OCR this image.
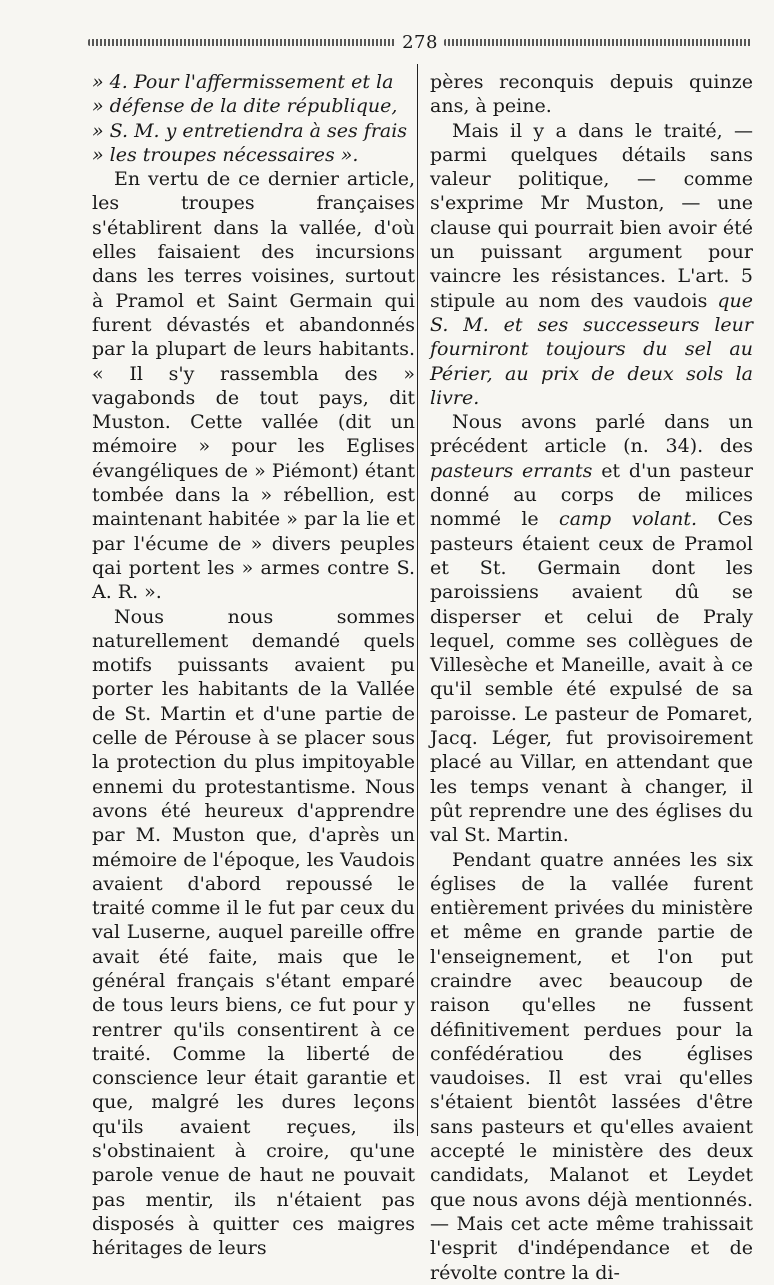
278

» 4. Pour l'affermissement et la
» défense de la dite république,
» S. M. y entretiendra à ses frais
» les troupes nécessaires ».

En vertu de ce dernier article, les troupes françaises s'établirent dans la vallée, d'où elles faisaient des incursions dans les terres voisines, surtout à Pramol et Saint Germain qui furent dévastés et abandonnés par la plupart de leurs habitants. « Il s'y rassembla des » vagabonds de tout pays, dit Muston. Cette vallée (dit un mémoire » pour les Eglises évangéliques de » Piémont) étant tombée dans la » rébellion, est maintenant habitée » par la lie et par l'écume de » divers peuples qai portent les » armes contre S. A. R. ».

Nous nous sommes naturellement demandé quels motifs puissants avaient pu porter les habitants de la Vallée de St. Martin et d'une partie de celle de Pérouse à se placer sous la protection du plus impitoyable ennemi du protestantisme. Nous avons été heureux d'apprendre par M. Muston que, d'après un mémoire de l'époque, les Vaudois avaient d'abord repoussé le traité comme il le fut par ceux du val Luserne, auquel pareille offre avait été faite, mais que le général français s'étant emparé de tous leurs biens, ce fut pour y rentrer qu'ils consentirent à ce traité. Comme la liberté de conscience leur était garantie et que, malgré les dures leçons qu'ils avaient reçues, ils s'obstinaient à croire, qu'une parole venue de haut ne pouvait pas mentir, ils n'étaient pas disposés à quitter ces maigres héritages de leurs

pères reconquis depuis quinze ans, à peine.

Mais il y a dans le traité, — parmi quelques détails sans valeur politique, — comme s'exprime Mr Muston, — une clause qui pourrait bien avoir été un puissant argument pour vaincre les résistances. L'art. 5 stipule au nom des vaudois que S. M. et ses successeurs leur fourniront toujours du sel au Périer, au prix de deux sols la livre.

Nous avons parlé dans un précédent article (n. 34). des pasteurs errants et d'un pasteur donné au corps de milices nommé le camp volant. Ces pasteurs étaient ceux de Pramol et St. Germain dont les paroissiens avaient dû se disperser et celui de Praly lequel, comme ses collègues de Villesèche et Maneille, avait à ce qu'il semble été expulsé de sa paroisse. Le pasteur de Pomaret, Jacq. Léger, fut provisoirement placé au Villar, en attendant que les temps venant à changer, il pût reprendre une des églises du val St. Martin.

Pendant quatre années les six églises de la vallée furent entièrement privées du ministère et même en grande partie de l'enseignement, et l'on put craindre avec beaucoup de raison qu'elles ne fussent définitivement perdues pour la confédératiou des églises vaudoises. Il est vrai qu'elles s'étaient bientôt lassées d'être sans pasteurs et qu'elles avaient accepté le ministère des deux candidats, Malanot et Leydet que nous avons déjà mentionnés. — Mais cet acte même trahissait l'esprit d'indépendance et de révolte contre la di-
